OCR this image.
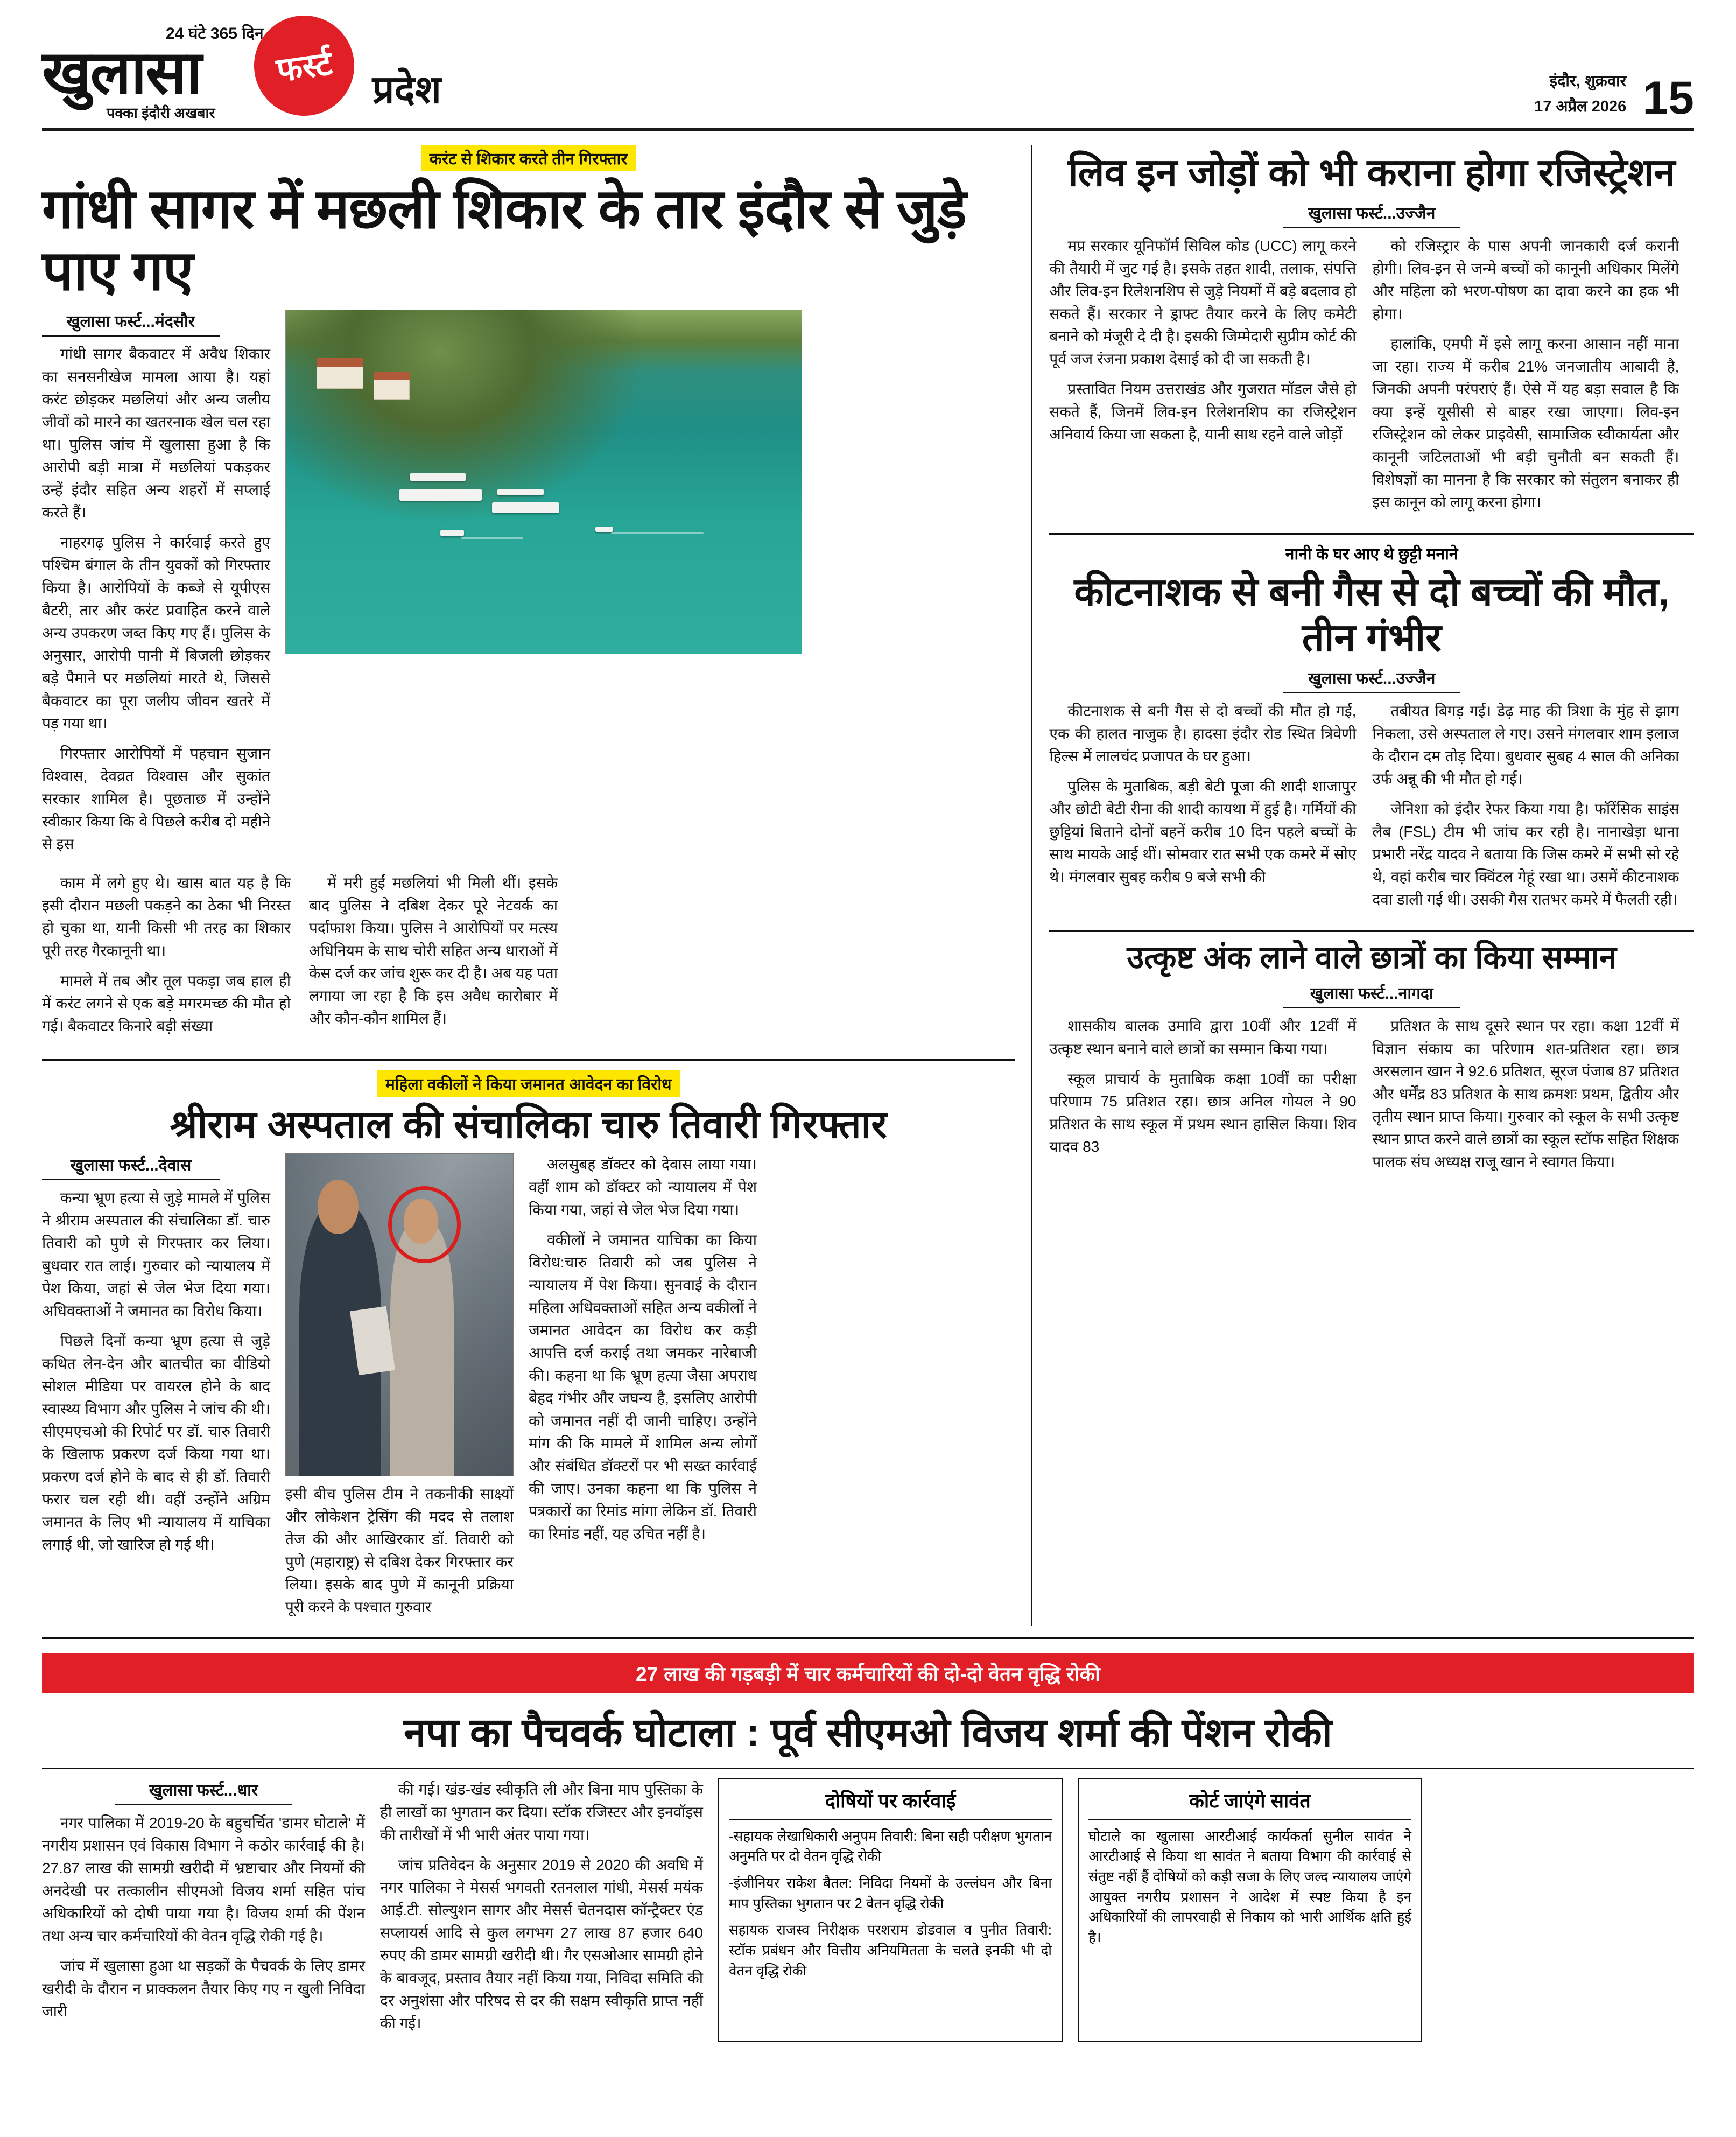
24 घंटे 365 दिन
खुलासा
पक्का इंदौरी अखबार
फर्स्ट
प्रदेश	इंदौर, शुक्रवार
17 अप्रैल 2026 15
करंट से शिकार करते तीन गिरफ्तार
गांधी सागर में मछली शिकार के तार इंदौर से जुड़े पाए गए
खुलासा फर्स्ट...मंदसौर

गांधी सागर बैकवाटर में अवैध शिकार का सनसनीखेज मामला आया है। यहां करंट छोड़कर मछलियां और अन्य जलीय जीवों को मारने का खतरनाक खेल चल रहा था। पुलिस जांच में खुलासा हुआ है कि आरोपी बड़ी मात्रा में मछलियां पकड़कर उन्हें इंदौर सहित अन्य शहरों में सप्लाई करते हैं।

नाहरगढ़ पुलिस ने कार्रवाई करते हुए पश्चिम बंगाल के तीन युवकों को गिरफ्तार किया है। आरोपियों के कब्जे से यूपीएस बैटरी, तार और करंट प्रवाहित करने वाले अन्य उपकरण जब्त किए गए हैं। पुलिस के अनुसार, आरोपी पानी में बिजली छोड़कर बड़े पैमाने पर मछलियां मारते थे, जिससे बैकवाटर का पूरा जलीय जीवन खतरे में पड़ गया था।

गिरफ्तार आरोपियों में पहचान सुजान विश्वास, देवव्रत विश्वास और सुकांत सरकार शामिल है। पूछताछ में उन्होंने स्वीकार किया कि वे पिछले करीब दो महीने से इस

काम में लगे हुए थे। खास बात यह है कि इसी दौरान मछली पकड़ने का ठेका भी निरस्त हो चुका था, यानी किसी भी तरह का शिकार पूरी तरह गैरकानूनी था।

मामले में तब और तूल पकड़ा जब हाल ही में करंट लगने से एक बड़े मगरमच्छ की मौत हो गई। बैकवाटर किनारे बड़ी संख्या

में मरी हुईं मछलियां भी मिली थीं। इसके बाद पुलिस ने दबिश देकर पूरे नेटवर्क का पर्दाफाश किया। पुलिस ने आरोपियों पर मत्स्य अधिनियम के साथ चोरी सहित अन्य धाराओं में केस दर्ज कर जांच शुरू कर दी है। अब यह पता लगाया जा रहा है कि इस अवैध कारोबार में और कौन-कौन शामिल हैं।

महिला वकीलों ने किया जमानत आवेदन का विरोध
श्रीराम अस्पताल की संचालिका चारु तिवारी गिरफ्तार
खुलासा फर्स्ट...देवास

कन्या भ्रूण हत्या से जुड़े मामले में पुलिस ने श्रीराम अस्पताल की संचालिका डॉ. चारु तिवारी को पुणे से गिरफ्तार कर लिया। बुधवार रात लाई। गुरुवार को न्यायालय में पेश किया, जहां से जेल भेज दिया गया। अधिवक्ताओं ने जमानत का विरोध किया।

पिछले दिनों कन्या भ्रूण हत्या से जुड़े कथित लेन-देन और बातचीत का वीडियो सोशल मीडिया पर वायरल होने के बाद स्वास्थ्य विभाग और पुलिस ने जांच की थी। सीएमएचओ की रिपोर्ट पर डॉ. चारु तिवारी के खिलाफ प्रकरण दर्ज किया गया था। प्रकरण दर्ज होने के बाद से ही डॉ. तिवारी फरार चल रही थी। वहीं उन्होंने अग्रिम जमानत के लिए भी न्यायालय में याचिका लगाई थी, जो खारिज हो गई थी।

इसी बीच पुलिस टीम ने तकनीकी साक्ष्यों और लोकेशन ट्रेसिंग की मदद से तलाश तेज की और आखिरकार डॉ. तिवारी को पुणे (महाराष्ट्र) से दबिश देकर गिरफ्तार कर लिया। इसके बाद पुणे में कानूनी प्रक्रिया पूरी करने के पश्चात गुरुवार

अलसुबह डॉक्टर को देवास लाया गया। वहीं शाम को डॉक्टर को न्यायालय में पेश किया गया, जहां से जेल भेज दिया गया।

वकीलों ने जमानत याचिका का किया विरोध:चारु तिवारी को जब पुलिस ने न्यायालय में पेश किया। सुनवाई के दौरान महिला अधिवक्ताओं सहित अन्य वकीलों ने जमानत आवेदन का विरोध कर कड़ी आपत्ति दर्ज कराई तथा जमकर नारेबाजी की। कहना था कि भ्रूण हत्या जैसा अपराध बेहद गंभीर और जघन्य है, इसलिए आरोपी को जमानत नहीं दी जानी चाहिए। उन्होंने मांग की कि मामले में शामिल अन्य लोगों और संबंधित डॉक्टरों पर भी सख्त कार्रवाई की जाए। उनका कहना था कि पुलिस ने पत्रकारों का रिमांड मांगा लेकिन डॉ. तिवारी का रिमांड नहीं, यह उचित नहीं है।

लिव इन जोड़ों को भी कराना होगा रजिस्ट्रेशन
खुलासा फर्स्ट...उज्जैन

मप्र सरकार यूनिफॉर्म सिविल कोड (UCC) लागू करने की तैयारी में जुट गई है। इसके तहत शादी, तलाक, संपत्ति और लिव-इन रिलेशनशिप से जुड़े नियमों में बड़े बदलाव हो सकते हैं। सरकार ने ड्राफ्ट तैयार करने के लिए कमेटी बनाने को मंजूरी दे दी है। इसकी जिम्मेदारी सुप्रीम कोर्ट की पूर्व जज रंजना प्रकाश देसाई को दी जा सकती है।

प्रस्तावित नियम उत्तराखंड और गुजरात मॉडल जैसे हो सकते हैं, जिनमें लिव-इन रिलेशनशिप का रजिस्ट्रेशन अनिवार्य किया जा सकता है, यानी साथ रहने वाले जोड़ों

को रजिस्ट्रार के पास अपनी जानकारी दर्ज करानी होगी। लिव-इन से जन्मे बच्चों को कानूनी अधिकार मिलेंगे और महिला को भरण-पोषण का दावा करने का हक भी होगा।

हालांकि, एमपी में इसे लागू करना आसान नहीं माना जा रहा। राज्य में करीब 21% जनजातीय आबादी है, जिनकी अपनी परंपराएं हैं। ऐसे में यह बड़ा सवाल है कि क्या इन्हें यूसीसी से बाहर रखा जाएगा। लिव-इन रजिस्ट्रेशन को लेकर प्राइवेसी, सामाजिक स्वीकार्यता और कानूनी जटिलताओं भी बड़ी चुनौती बन सकती हैं। विशेषज्ञों का मानना है कि सरकार को संतुलन बनाकर ही इस कानून को लागू करना होगा।

नानी के घर आए थे छुट्टी मनाने
कीटनाशक से बनी गैस से दो बच्चों की मौत, तीन गंभीर
खुलासा फर्स्ट...उज्जैन

कीटनाशक से बनी गैस से दो बच्चों की मौत हो गई, एक की हालत नाजुक है। हादसा इंदौर रोड स्थित त्रिवेणी हिल्स में लालचंद प्रजापत के घर हुआ।

पुलिस के मुताबिक, बड़ी बेटी पूजा की शादी शाजापुर और छोटी बेटी रीना की शादी कायथा में हुई है। गर्मियों की छुट्टियां बिताने दोनों बहनें करीब 10 दिन पहले बच्चों के साथ मायके आई थीं। सोमवार रात सभी एक कमरे में सोए थे। मंगलवार सुबह करीब 9 बजे सभी की

तबीयत बिगड़ गई। डेढ़ माह की त्रिशा के मुंह से झाग निकला, उसे अस्पताल ले गए। उसने मंगलवार शाम इलाज के दौरान दम तोड़ दिया। बुधवार सुबह 4 साल की अनिका उर्फ अन्नू की भी मौत हो गई।

जेनिशा को इंदौर रेफर किया गया है। फॉरेंसिक साइंस लैब (FSL) टीम भी जांच कर रही है। नानाखेड़ा थाना प्रभारी नरेंद्र यादव ने बताया कि जिस कमरे में सभी सो रहे थे, वहां करीब चार क्विंटल गेहूं रखा था। उसमें कीटनाशक दवा डाली गई थी। उसकी गैस रातभर कमरे में फैलती रही।

उत्कृष्ट अंक लाने वाले छात्रों का किया सम्मान
खुलासा फर्स्ट...नागदा

शासकीय बालक उमावि द्वारा 10वीं और 12वीं में उत्कृष्ट स्थान बनाने वाले छात्रों का सम्मान किया गया।

स्कूल प्राचार्य के मुताबिक कक्षा 10वीं का परीक्षा परिणाम 75 प्रतिशत रहा। छात्र अनिल गोयल ने 90 प्रतिशत के साथ स्कूल में प्रथम स्थान हासिल किया। शिव यादव 83

प्रतिशत के साथ दूसरे स्थान पर रहा। कक्षा 12वीं में विज्ञान संकाय का परिणाम शत-प्रतिशत रहा। छात्र अरसलान खान ने 92.6 प्रतिशत, सूरज पंजाब 87 प्रतिशत और धर्मेंद्र 83 प्रतिशत के साथ क्रमशः प्रथम, द्वितीय और तृतीय स्थान प्राप्त किया। गुरुवार को स्कूल के सभी उत्कृष्ट स्थान प्राप्त करने वाले छात्रों का स्कूल स्टॉफ सहित शिक्षक पालक संघ अध्यक्ष राजू खान ने स्वागत किया।

27 लाख की गड़बड़ी में चार कर्मचारियों की दो-दो वेतन वृद्धि रोकी
नपा का पैचवर्क घोटाला : पूर्व सीएमओ विजय शर्मा की पेंशन रोकी
खुलासा फर्स्ट...धार

नगर पालिका में 2019-20 के बहुचर्चित 'डामर घोटाले' में नगरीय प्रशासन एवं विकास विभाग ने कठोर कार्रवाई की है। 27.87 लाख की सामग्री खरीदी में भ्रष्टाचार और नियमों की अनदेखी पर तत्कालीन सीएमओ विजय शर्मा सहित पांच अधिकारियों को दोषी पाया गया है। विजय शर्मा की पेंशन तथा अन्य चार कर्मचारियों की वेतन वृद्धि रोकी गई है।

जांच में खुलासा हुआ था सड़कों के पैचवर्क के लिए डामर खरीदी के दौरान न प्राक्कलन तैयार किए गए न खुली निविदा जारी

की गई। खंड-खंड स्वीकृति ली और बिना माप पुस्तिका के ही लाखों का भुगतान कर दिया। स्टॉक रजिस्टर और इनवॉइस की तारीखों में भी भारी अंतर पाया गया।

जांच प्रतिवेदन के अनुसार 2019 से 2020 की अवधि में नगर पालिका ने मेसर्स भगवती रतनलाल गांधी, मेसर्स मयंक आई.टी. सोल्युशन सागर और मेसर्स चेतनदास कॉन्ट्रैक्टर एंड सप्लायर्स आदि से कुल लगभग 27 लाख 87 हजार 640 रुपए की डामर सामग्री खरीदी थी। गैर एसओआर सामग्री होने के बावजूद, प्रस्ताव तैयार नहीं किया गया, निविदा समिति की दर अनुशंसा और परिषद से दर की सक्षम स्वीकृति प्राप्त नहीं की गई।

दोषियों पर कार्रवाई

-सहायक लेखाधिकारी अनुपम तिवारी: बिना सही परीक्षण भुगतान अनुमति पर दो वेतन वृद्धि रोकी

-इंजीनियर राकेश बैतल: निविदा नियमों के उल्लंघन और बिना माप पुस्तिका भुगतान पर 2 वेतन वृद्धि रोकी

सहायक राजस्व निरीक्षक परशराम डोडवाल व पुनीत तिवारी: स्टॉक प्रबंधन और वित्तीय अनियमितता के चलते इनकी भी दो वेतन वृद्धि रोकी

कोर्ट जाएंगे सावंत

घोटाले का खुलासा आरटीआई कार्यकर्ता सुनील सावंत ने आरटीआई से किया था सावंत ने बताया विभाग की कार्रवाई से संतुष्ट नहीं हैं दोषियों को कड़ी सजा के लिए जल्द न्यायालय जाएंगे आयुक्त नगरीय प्रशासन ने आदेश में स्पष्ट किया है इन अधिकारियों की लापरवाही से निकाय को भारी आर्थिक क्षति हुई है।
